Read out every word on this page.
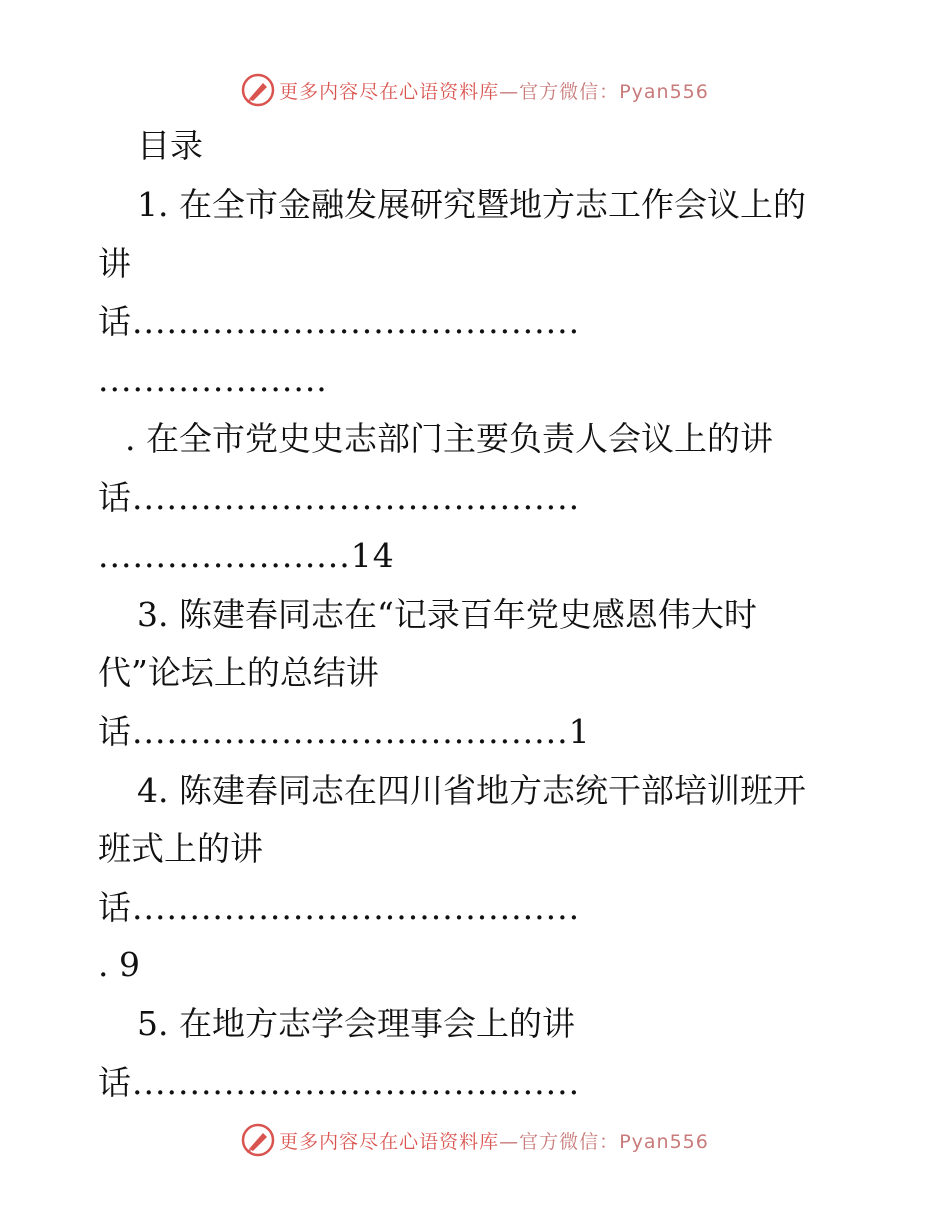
更多内容尽在心语资料库—官方微信：Pyan556
目录
1. 在全市金融发展研究暨地方志工作会议上的
讲
话.......................................
....................
. 在全市党史史志部门主要负责人会议上的讲
话.......................................
......................14
3. 陈建春同志在“记录百年党史感恩伟大时
代”论坛上的总结讲
话......................................1
4. 陈建春同志在四川省地方志统干部培训班开
班式上的讲
话.......................................
. 9
5. 在地方志学会理事会上的讲
话.......................................
更多内容尽在心语资料库—官方微信：Pyan556
